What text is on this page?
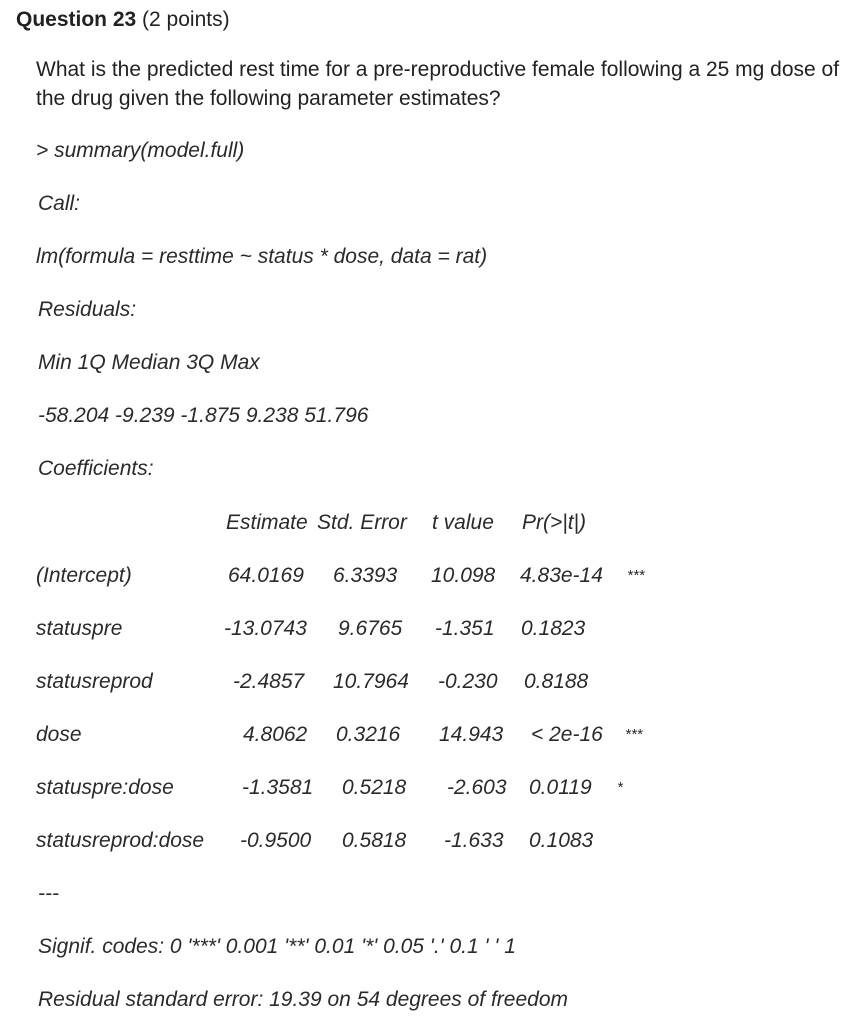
Question 23 (2 points)
What is the predicted rest time for a pre-reproductive female following a 25 mg dose of the drug given the following parameter estimates?
> summary(model.full)
Call:
lm(formula = resttime ~ status * dose, data = rat)
Residuals:
Min 1Q Median 3Q Max
-58.204 -9.239 -1.875 9.238 51.796
Coefficients:
Estimate Std. Error t value Pr(>|t|)
(Intercept)	64.0169 6.3393 10.098 4.83e-14 ***
statuspre	-13.0743 9.6765 -1.351 0.1823
statusreprod	-2.4857 10.7964 -0.230 0.8188
dose	4.8062 0.3216 14.943 < 2e-16 ***
statuspre:dose	-1.3581 0.5218 -2.603 0.0119 *
statusreprod:dose -0.9500 0.5818 -1.633 0.1083
---
Signif. codes: 0 '***' 0.001 '**' 0.01 '*' 0.05 '.' 0.1 ' ' 1
Residual standard error: 19.39 on 54 degrees of freedom
